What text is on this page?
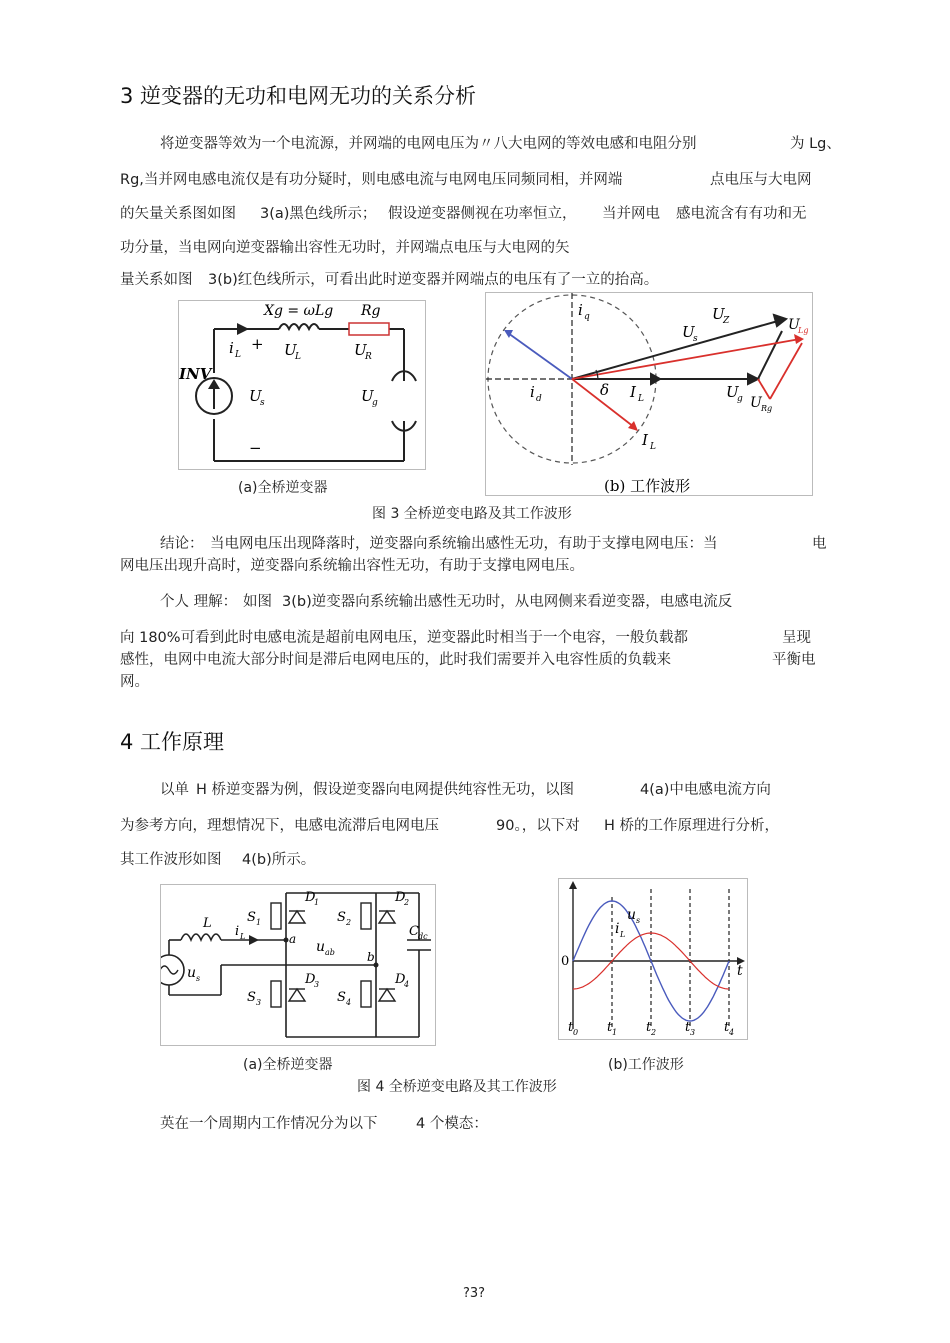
3 逆变器的无功和电网无功的关系分析
将逆变器等效为一个电流源，并网端的电网电压为〃八大电网的等效电感和电阻分别	为 Lg、
Rg,当并网电感电流仅是有功分疑时，则电感电流与电网电压同频同相，并网端	点电压与大电网
的矢量关系图如图 3(a)黑色线所示； 假设逆变器侧视在功率恒立， 当并网电 感电流含有有功和无
功分量，当电网向逆变器输出容性无功时，并网端点电压与大电网的矢
量关系如图 3(b)红色线所示，可看出此时逆变器并网端点的电压有了一立的抬高。
Xg = ωLg Rg
i L
+
−
U
L	U
R
INV
U
s	U
g
i q
i d	δ I L	U
g
U
s
U
Z	U
Lg
U Rg
I L
(b) 工作波形
(a)全桥逆变器
图 3 全桥逆变电路及其工作波形
结论： 当电网电压出现降落时，逆变器向系统输出感性无功，有助于支撑电网电压：当	电
网电压出现升高时，逆变器向系统输出容性无功，有助于支撑电网电压。
个人 理解： 如图 3(b)逆变器向系统输出感性无功时，从电网侧来看逆变器，电感电流反
向 180%可看到此时电感电流是超前电网电压，逆变器此时相当于一个电容，一般负载都	呈现
感性，电网中电流大部分时间是滞后电网电压的，此时我们需要并入电容性质的负载来	平衡电
网。
4 工作原理
以单 H 桥逆变器为例，假设逆变器向电网提供纯容性无功，以图	4(a)中电感电流方向
为参考方向，理想情况下，电感电流滞后电网电压	90。，以下对 H 桥的工作原理进行分析，
其工作波形如图 4(b)所示。
S 1	S 2
S 3	S 4
D
1	D
2
D
3	D
4
L
i L	a
b
u ab
C dc
u s
u s
i L
0
t
t 0 t 1 t 2 t 3 t 4
(a)全桥逆变器	(b)工作波形
图 4 全桥逆变电路及其工作波形
英在一个周期内工作情况分为以下	4 个模态：
?3?
